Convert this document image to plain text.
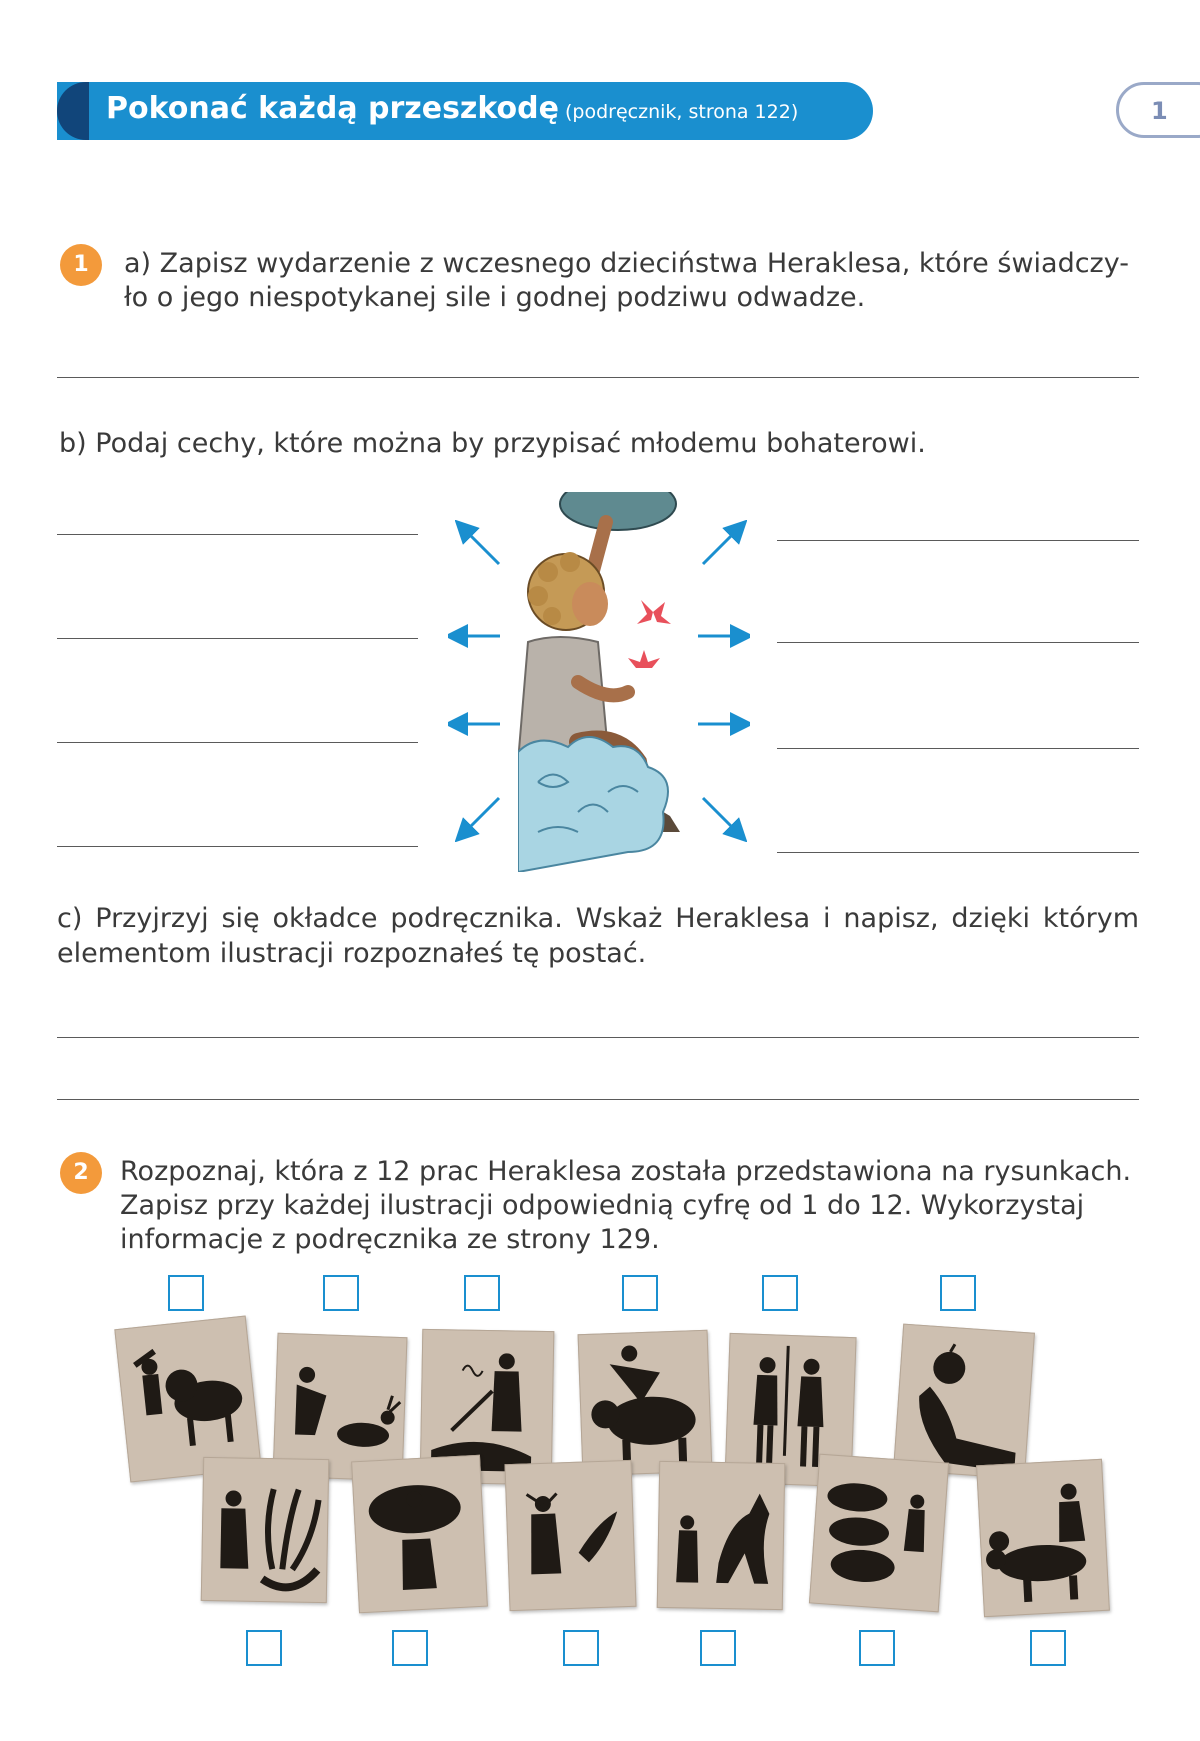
Pokonać każdą przeszkodę (podręcznik, strona 122)	1
1	a) Zapisz wydarzenie z wczesnego dzieciństwa Heraklesa, które świadczy-
ło o jego niespotykanej sile i godnej podziwu odwadze.
b) Podaj cechy, które można by przypisać młodemu bohaterowi.
c) Przyjrzyj się okładce podręcznika. Wskaż Heraklesa i napisz, dzięki którym
elementom ilustracji rozpoznałeś tę postać.
2	Rozpoznaj, która z 12 prac Heraklesa została przedstawiona na rysunkach.
Zapisz przy każdej ilustracji odpowiednią cyfrę od 1 do 12. Wykorzystaj
informacje z podręcznika ze strony 129.
